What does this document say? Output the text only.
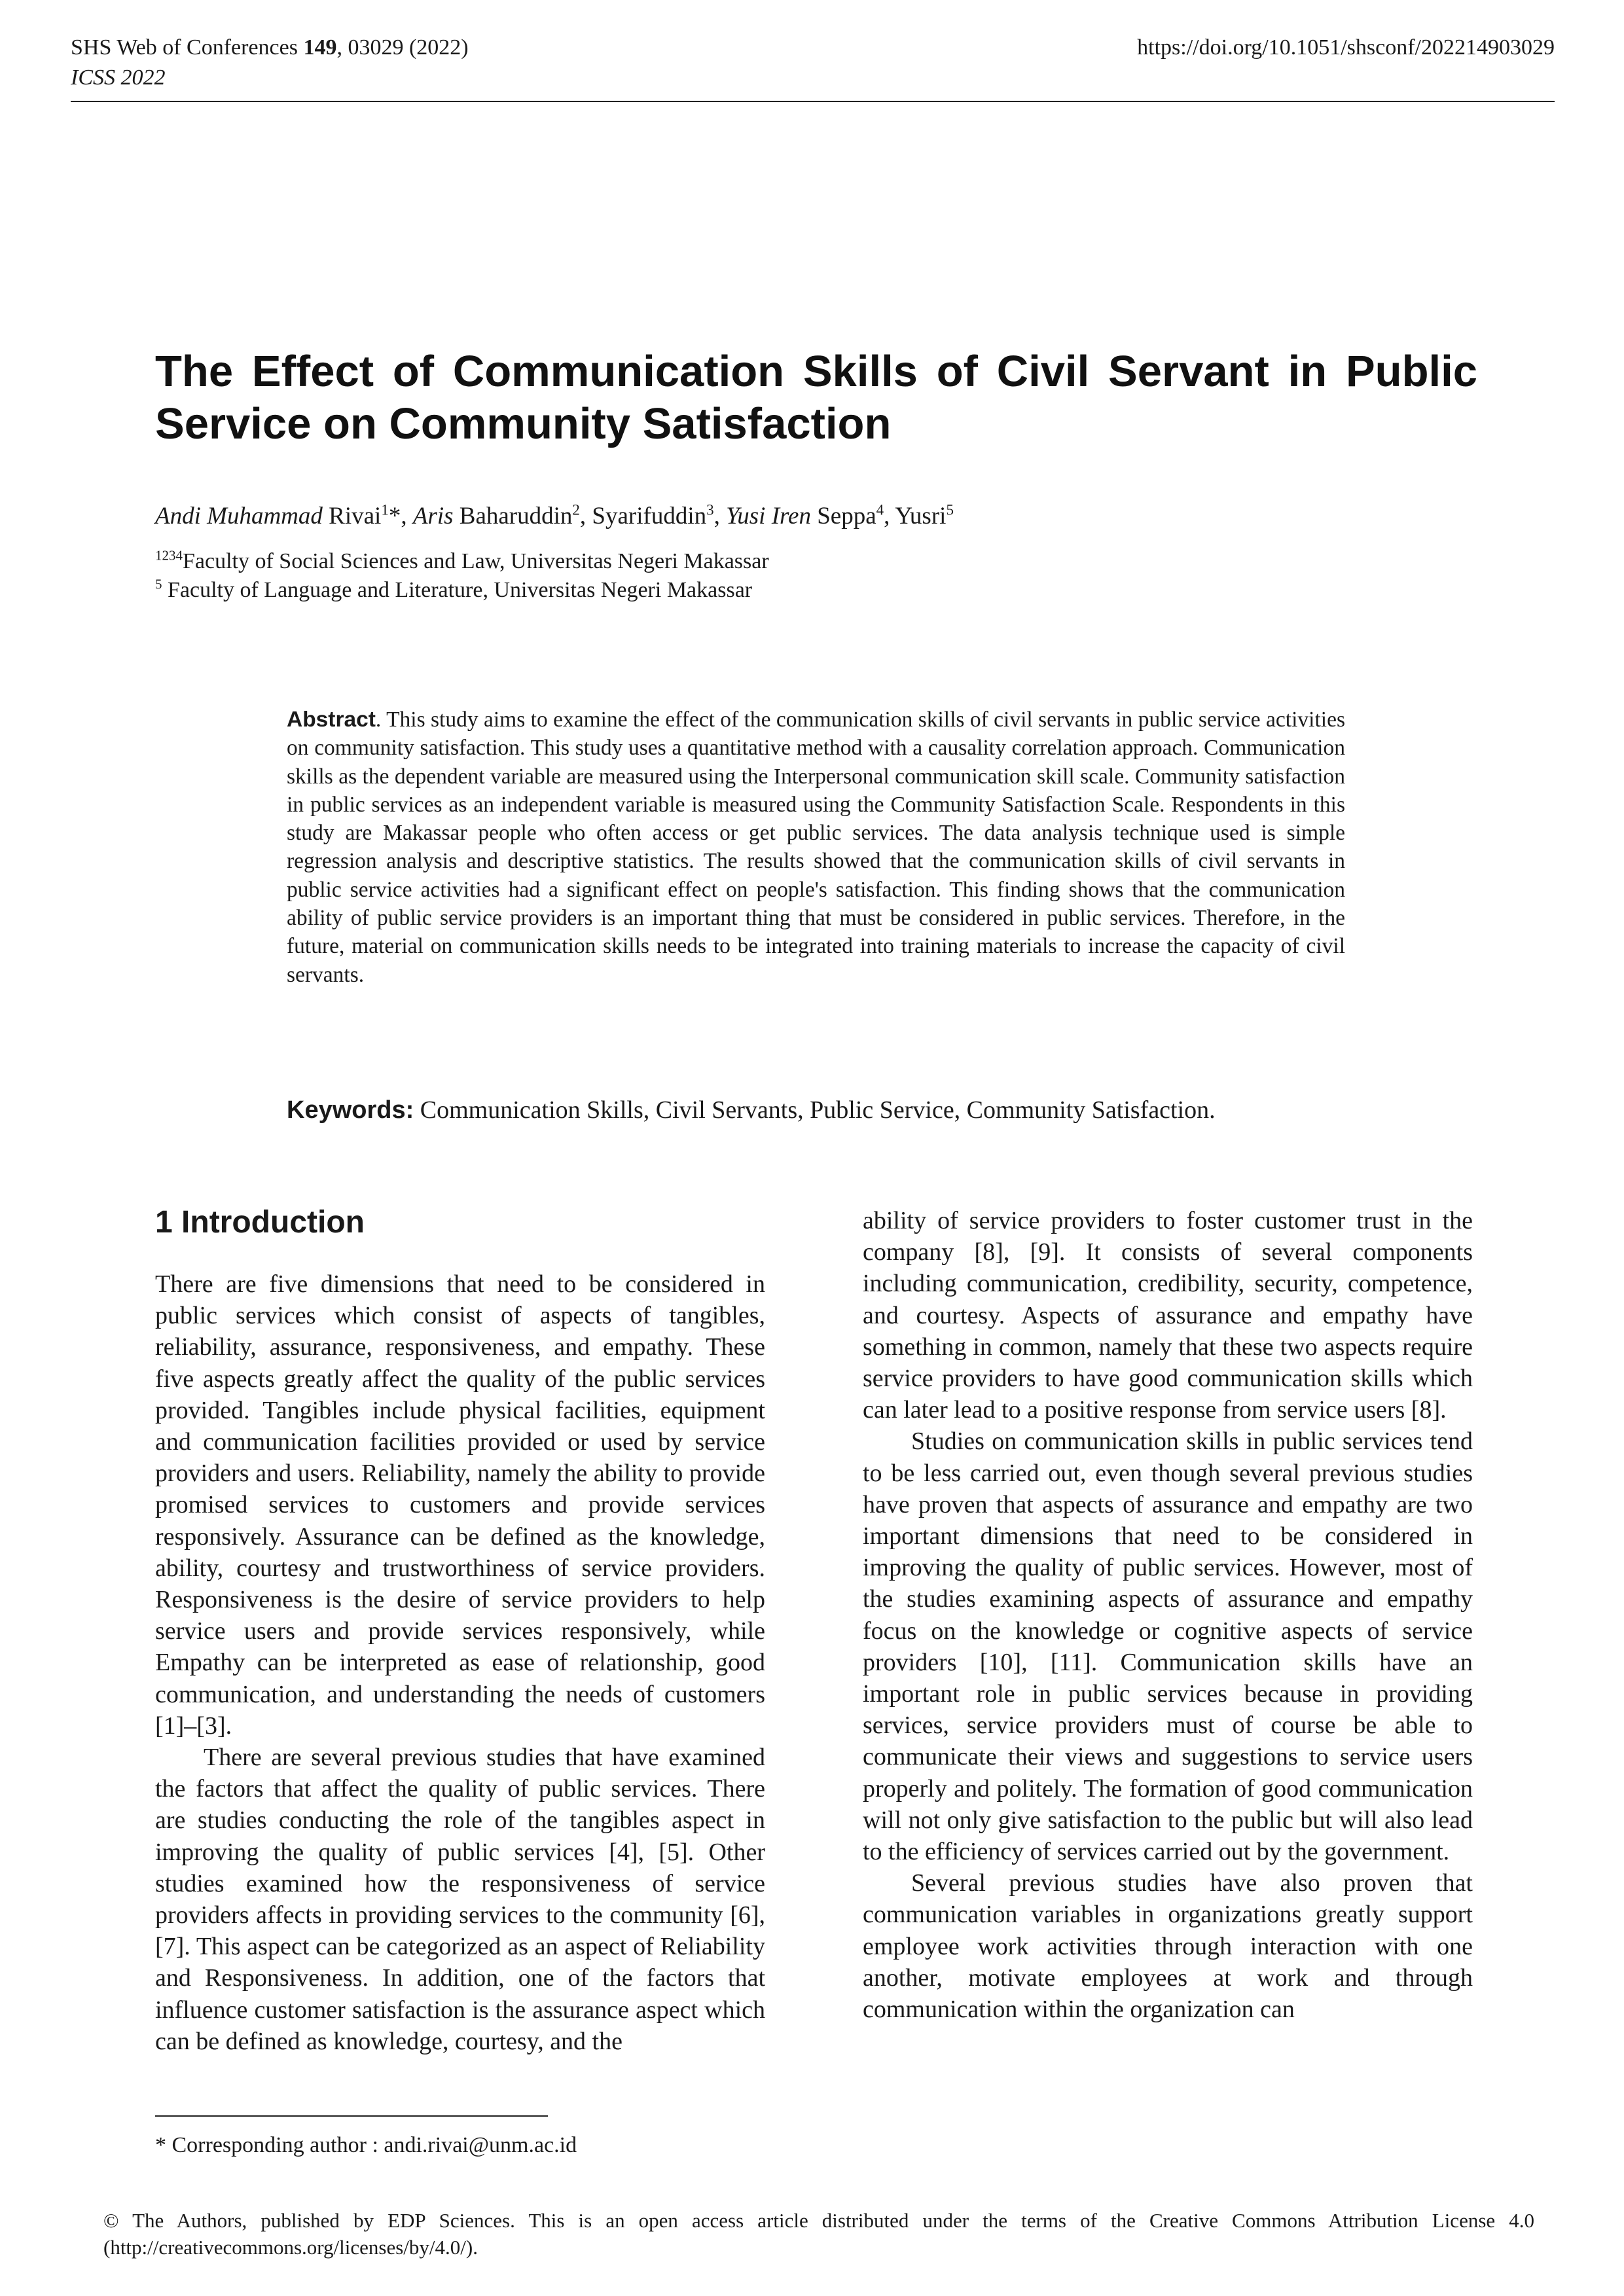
SHS Web of Conferences 149, 03029 (2022)
ICSS 2022
https://doi.org/10.1051/shsconf/202214903029
The Effect of Communication Skills of Civil Servant in Public Service on Community Satisfaction
Andi Muhammad Rivai$^1$*, Aris Baharuddin$^2$, Syarifuddin$^3$, Yusi Iren Seppa$^4$, Yusri$^5$
$^{1234}$Faculty of Social Sciences and Law, Universitas Negeri Makassar
$^5$ Faculty of Language and Literature, Universitas Negeri Makassar
Abstract. This study aims to examine the effect of the communication skills of civil servants in public service activities on community satisfaction. This study uses a quantitative method with a causality correlation approach. Communication skills as the dependent variable are measured using the Interpersonal communication skill scale. Community satisfaction in public services as an independent variable is measured using the Community Satisfaction Scale. Respondents in this study are Makassar people who often access or get public services. The data analysis technique used is simple regression analysis and descriptive statistics. The results showed that the communication skills of civil servants in public service activities had a significant effect on people's satisfaction. This finding shows that the communication ability of public service providers is an important thing that must be considered in public services. Therefore, in the future, material on communication skills needs to be integrated into training materials to increase the capacity of civil servants.
Keywords: Communication Skills, Civil Servants, Public Service, Community Satisfaction.
1 Introduction

There are five dimensions that need to be considered in public services which consist of aspects of tangibles, reliability, assurance, responsiveness, and empathy. These five aspects greatly affect the quality of the public services provided. Tangibles include physical facilities, equipment and communication facilities provided or used by service providers and users. Reliability, namely the ability to provide promised services to customers and provide services responsively. Assurance can be defined as the knowledge, ability, courtesy and trustworthiness of service providers. Responsiveness is the desire of service providers to help service users and provide services responsively, while Empathy can be interpreted as ease of relationship, good communication, and understanding the needs of customers [1]–[3].

There are several previous studies that have examined the factors that affect the quality of public services. There are studies conducting the role of the tangibles aspect in improving the quality of public services [4], [5]. Other studies examined how the responsiveness of service providers affects in providing services to the community [6], [7]. This aspect can be categorized as an aspect of Reliability and Responsiveness. In addition, one of the factors that influence customer satisfaction is the assurance aspect which can be defined as knowledge, courtesy, and the

ability of service providers to foster customer trust in the company [8], [9]. It consists of several components including communication, credibility, security, competence, and courtesy. Aspects of assurance and empathy have something in common, namely that these two aspects require service providers to have good communication skills which can later lead to a positive response from service users [8].

Studies on communication skills in public services tend to be less carried out, even though several previous studies have proven that aspects of assurance and empathy are two important dimensions that need to be considered in improving the quality of public services. However, most of the studies examining aspects of assurance and empathy focus on the knowledge or cognitive aspects of service providers [10], [11]. Communication skills have an important role in public services because in providing services, service providers must of course be able to communicate their views and suggestions to service users properly and politely. The formation of good communication will not only give satisfaction to the public but will also lead to the efficiency of services carried out by the government.

Several previous studies have also proven that communication variables in organizations greatly support employee work activities through interaction with one another, motivate employees at work and through communication within the organization can

* Corresponding author : andi.rivai@unm.ac.id
© The Authors, published by EDP Sciences. This is an open access article distributed under the terms of the Creative Commons Attribution License 4.0 (http://creativecommons.org/licenses/by/4.0/).
